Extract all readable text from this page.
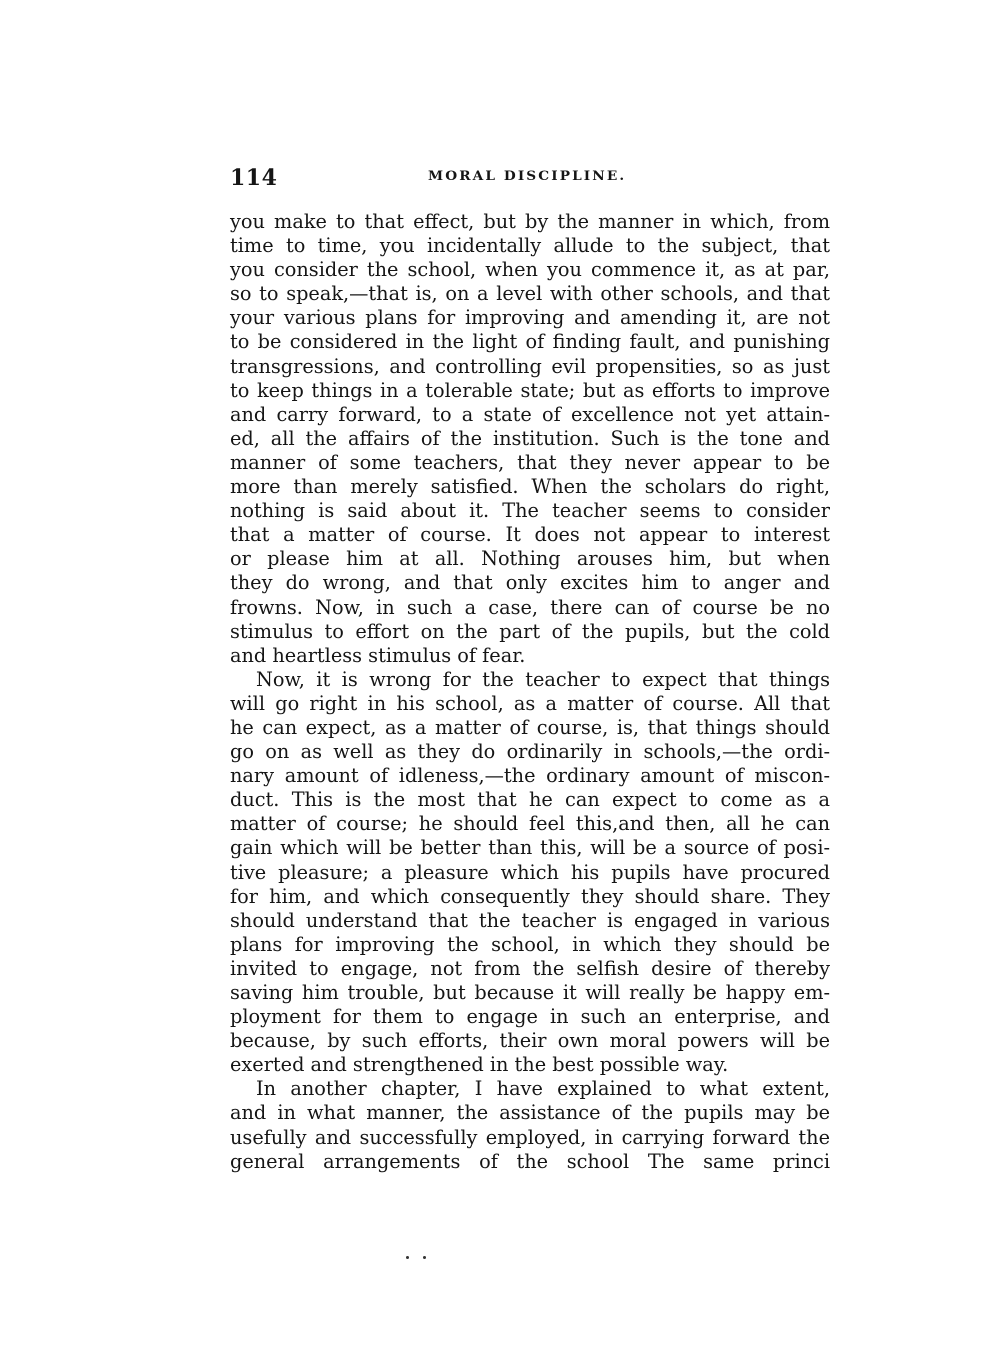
114	MORAL DISCIPLINE.
you make to that effect, but by the manner in which, from
time to time, you incidentally allude to the subject, that
you consider the school, when you commence it, as at par,
so to speak,—that is, on a level with other schools, and that
your various plans for improving and amending it, are not
to be considered in the light of finding fault, and punishing
transgressions, and controlling evil propensities, so as just
to keep things in a tolerable state; but as efforts to improve
and carry forward, to a state of excellence not yet attain-
ed, all the affairs of the institution. Such is the tone and
manner of some teachers, that they never appear to be
more than merely satisfied. When the scholars do right,
nothing is said about it. The teacher seems to consider
that a matter of course. It does not appear to interest
or please him at all. Nothing arouses him, but when
they do wrong, and that only excites him to anger and
frowns. Now, in such a case, there can of course be no
stimulus to effort on the part of the pupils, but the cold
and heartless stimulus of fear.
Now, it is wrong for the teacher to expect that things
will go right in his school, as a matter of course. All that
he can expect, as a matter of course, is, that things should
go on as well as they do ordinarily in schools,—the ordi-
nary amount of idleness,—the ordinary amount of miscon-
duct. This is the most that he can expect to come as a
matter of course; he should feel this,and then, all he can
gain which will be better than this, will be a source of posi-
tive pleasure; a pleasure which his pupils have procured
for him, and which consequently they should share. They
should understand that the teacher is engaged in various
plans for improving the school, in which they should be
invited to engage, not from the selfish desire of thereby
saving him trouble, but because it will really be happy em-
ployment for them to engage in such an enterprise, and
because, by such efforts, their own moral powers will be
exerted and strengthened in the best possible way.
In another chapter, I have explained to what extent,
and in what manner, the assistance of the pupils may be
usefully and successfully employed, in carrying forward the
general arrangements of the school The same princi
